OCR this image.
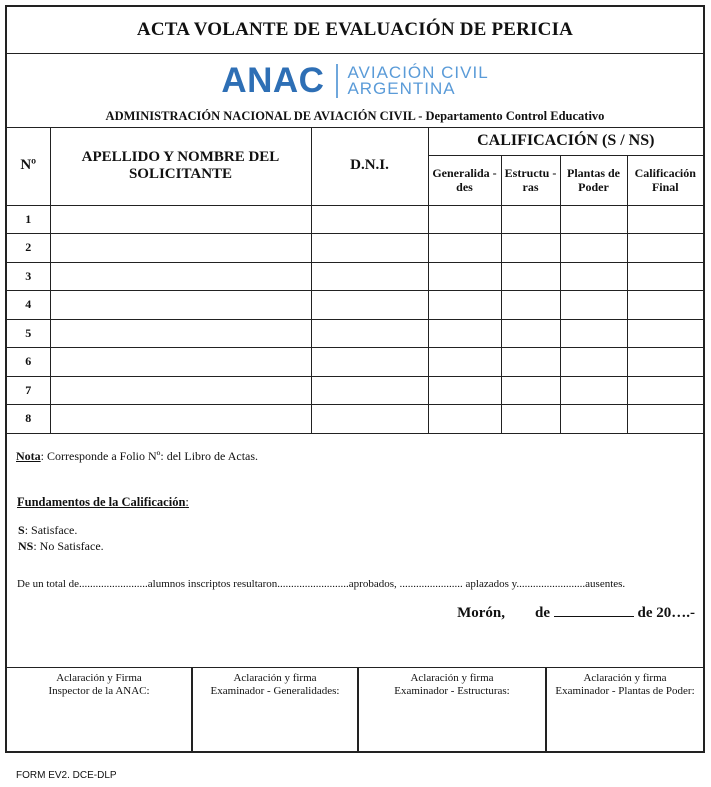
ACTA VOLANTE DE EVALUACIÓN DE PERICIA
ANAC AVIACIÓN CIVIL
ARGENTINA
ADMINISTRACIÓN NACIONAL DE AVIACIÓN CIVIL - Departamento Control Educativo
Nº	APELLIDO Y NOMBRE DEL SOLICITANTE	D.N.I.	CALIFICACIÓN (S / NS)			
			Generalida -des	Estructu -ras	Plantas de Poder	Calificación Final
1						
2						
3						
4						
5						
6						
7						
8						
Nota: Corresponde a Folio Nº: del Libro de Actas.
Fundamentos de la Calificación:
S: Satisface.
NS: No Satisface.
De un total de.........................alumnos inscriptos resultaron..........................aprobados, ....................... aplazados y.........................ausentes.
Morón, de	de 20….-
Aclaración y Firma
Inspector de la ANAC:
Aclaración y firma
Examinador - Generalidades:
Aclaración y firma
Examinador - Estructuras:
Aclaración y firma
Examinador - Plantas de Poder:
FORM EV2. DCE-DLP
